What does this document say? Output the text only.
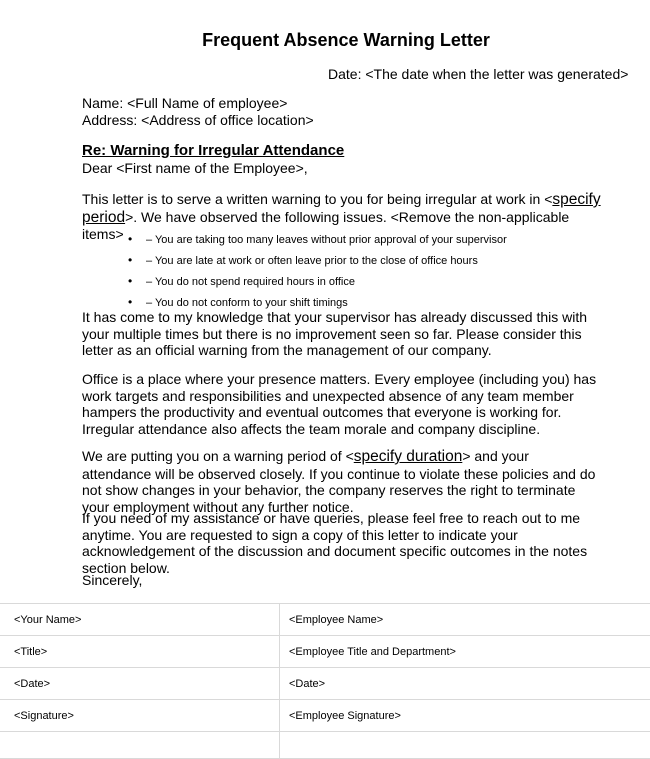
Frequent Absence Warning Letter
Date: <The date when the letter was generated>
Name: <Full Name of employee>
Address: <Address of office location>
Re: Warning for Irregular Attendance
Dear <First name of the Employee>,
This letter is to serve a written warning to you for being irregular at work in <specify period>. We have observed the following issues. <Remove the non-applicable items>	• – You are taking too many leaves without prior approval of your supervisor
• – You are late at work or often leave prior to the close of office hours
• – You do not spend required hours in office
• – You do not conform to your shift timings
It has come to my knowledge that your supervisor has already discussed this with your multiple times but there is no improvement seen so far. Please consider this letter as an official warning from the management of our company.
Office is a place where your presence matters. Every employee (including you) has work targets and responsibilities and unexpected absence of any team member hampers the productivity and eventual outcomes that everyone is working for. Irregular attendance also affects the team morale and company discipline.
We are putting you on a warning period of <specify duration> and your attendance will be observed closely. If you continue to violate these policies and do not show changes in your behavior, the company reserves the right to terminate your employment without any further notice.
If you need of my assistance or have queries, please feel free to reach out to me anytime. You are requested to sign a copy of this letter to indicate your acknowledgement of the discussion and document specific outcomes in the notes section below.
Sincerely,
<Your Name>	<Employee Name>
<Title>	<Employee Title and Department>
<Date>	<Date>
<Signature>	<Employee Signature>
